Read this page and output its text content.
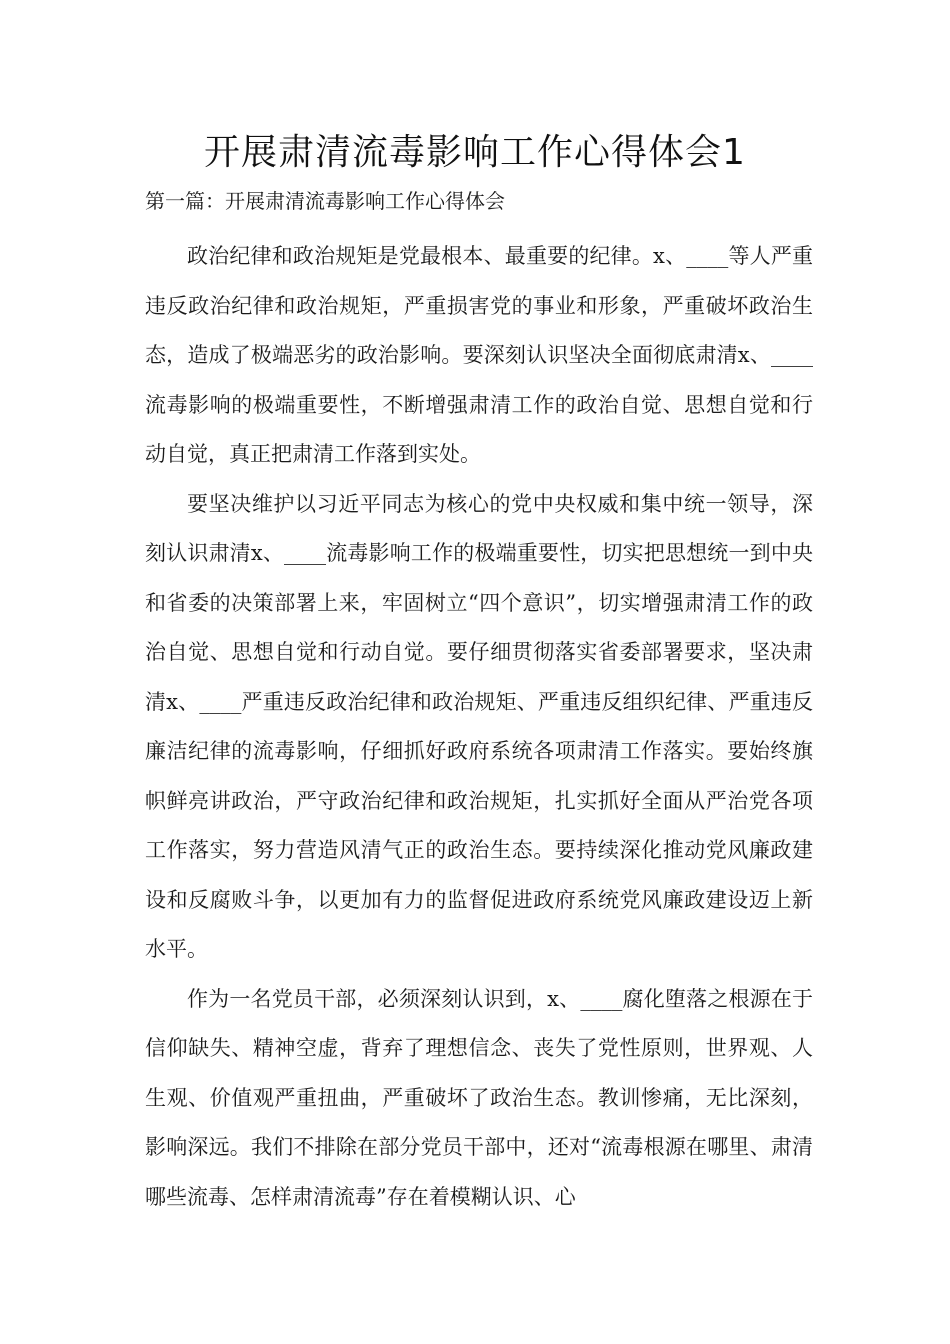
开展肃清流毒影响工作心得体会1
第一篇：开展肃清流毒影响工作心得体会

政治纪律和政治规矩是党最根本、最重要的纪律。x、____等人严重违反政治纪律和政治规矩，严重损害党的事业和形象，严重破坏政治生态，造成了极端恶劣的政治影响。要深刻认识坚决全面彻底肃清x、____流毒影响的极端重要性，不断增强肃清工作的政治自觉、思想自觉和行动自觉，真正把肃清工作落到实处。

要坚决维护以习近平同志为核心的党中央权威和集中统一领导，深刻认识肃清x、____流毒影响工作的极端重要性，切实把思想统一到中央和省委的决策部署上来，牢固树立“四个意识”，切实增强肃清工作的政治自觉、思想自觉和行动自觉。要仔细贯彻落实省委部署要求，坚决肃清x、____严重违反政治纪律和政治规矩、严重违反组织纪律、严重违反廉洁纪律的流毒影响，仔细抓好政府系统各项肃清工作落实。要始终旗帜鲜亮讲政治，严守政治纪律和政治规矩，扎实抓好全面从严治党各项工作落实，努力营造风清气正的政治生态。要持续深化推动党风廉政建设和反腐败斗争，以更加有力的监督促进政府系统党风廉政建设迈上新水平。

作为一名党员干部，必须深刻认识到，x、____腐化堕落之根源在于信仰缺失、精神空虚，背弃了理想信念、丧失了党性原则，世界观、人生观、价值观严重扭曲，严重破坏了政治生态。教训惨痛，无比深刻，影响深远。我们不排除在部分党员干部中，还对“流毒根源在哪里、肃清哪些流毒、怎样肃清流毒”存在着模糊认识、心
